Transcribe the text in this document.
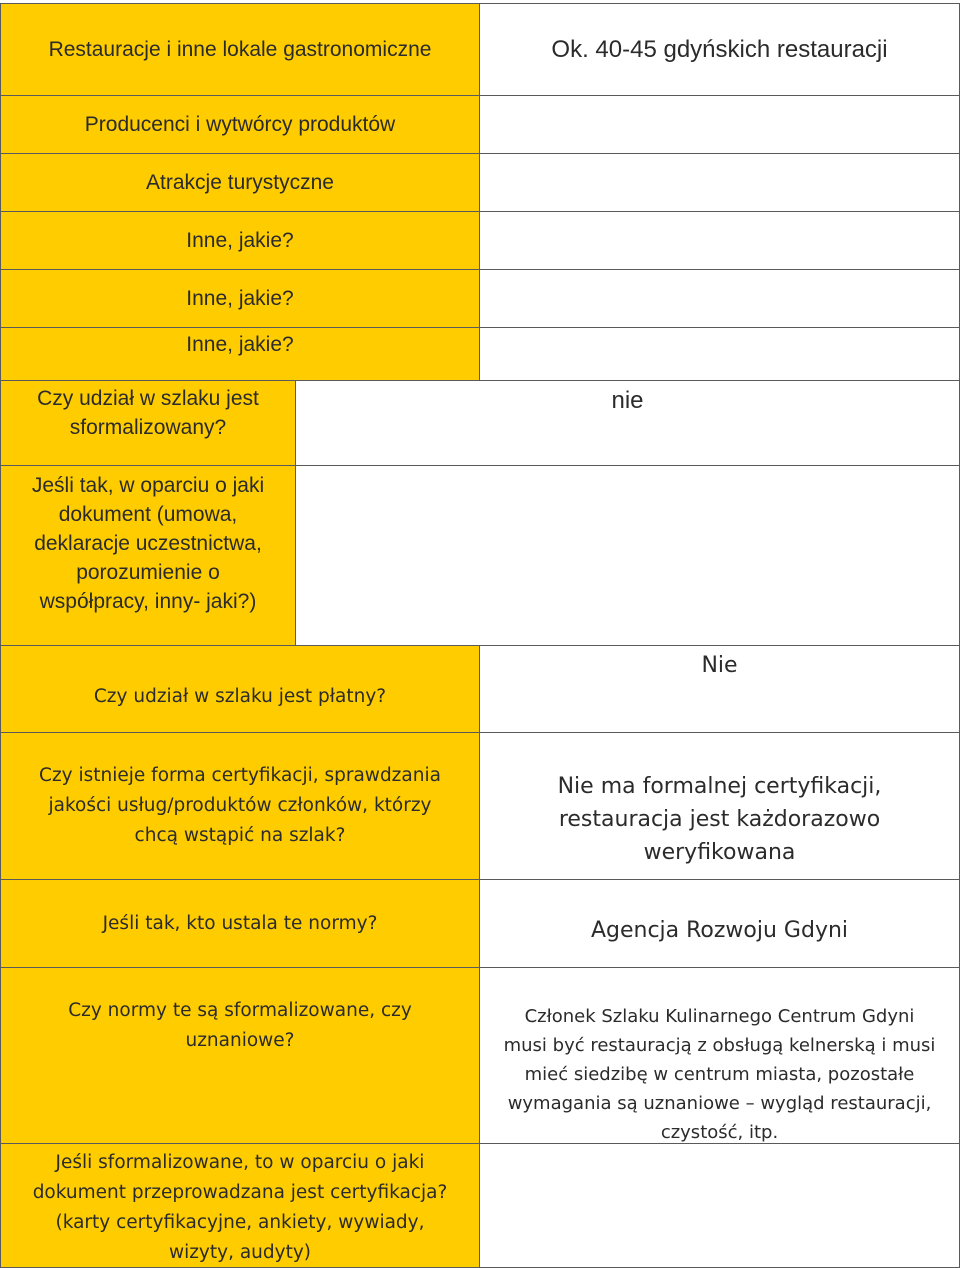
Restauracje i inne lokale gastronomiczne	Ok. 40-45 gdyńskich restauracji
Producenci i wytwórcy produktów
Atrakcje turystyczne
Inne, jakie?
Inne, jakie?
Inne, jakie?
Czy udział w szlaku jest
sformalizowany?
nie
Jeśli tak, w oparciu o jaki
dokument (umowa,
deklaracje uczestnictwa,
porozumienie o
współpracy, inny- jaki?)
Czy udział w szlaku jest płatny?
Nie
Czy istnieje forma certyfikacji, sprawdzania
jakości usług/produktów członków, którzy
chcą wstąpić na szlak?
Nie ma formalnej certyfikacji,
restauracja jest każdorazowo
weryfikowana
Jeśli tak, kto ustala te normy?	Agencja Rozwoju Gdyni
Czy normy te są sformalizowane, czy
uznaniowe?
Członek Szlaku Kulinarnego Centrum Gdyni
musi być restauracją z obsługą kelnerską i musi
mieć siedzibę w centrum miasta, pozostałe
wymagania są uznaniowe – wygląd restauracji,
czystość, itp.
Jeśli sformalizowane, to w oparciu o jaki
dokument przeprowadzana jest certyfikacja?
(karty certyfikacyjne, ankiety, wywiady,
wizyty, audyty)
